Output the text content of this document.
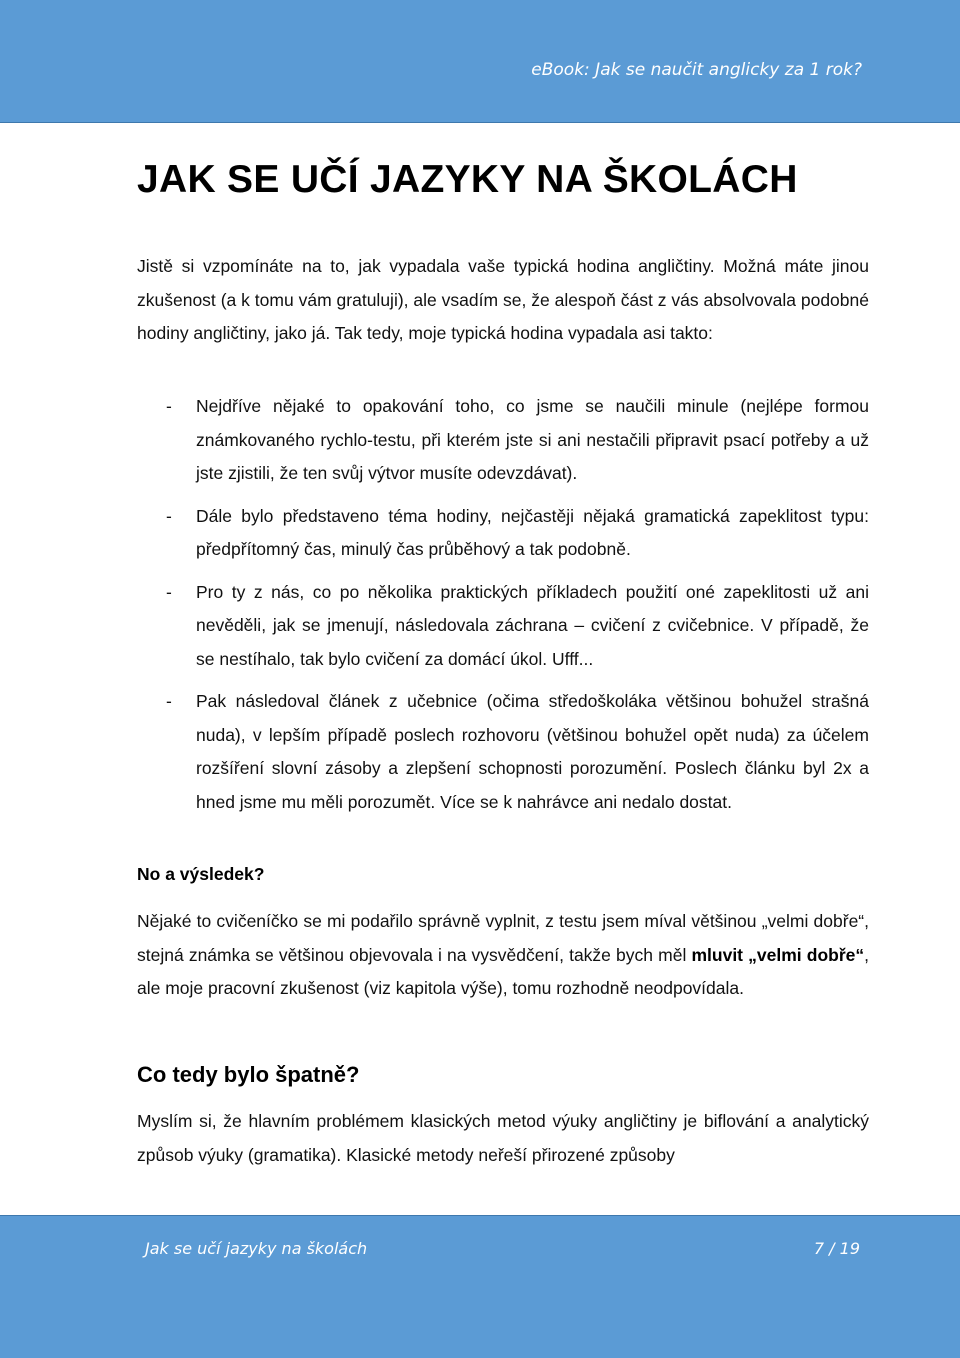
eBook: Jak se naučit anglicky za 1 rok?
JAK SE UČÍ JAZYKY NA ŠKOLÁCH

Jistě si vzpomínáte na to, jak vypadala vaše typická hodina angličtiny. Možná máte jinou zkušenost (a k tomu vám gratuluji), ale vsadím se, že alespoň část z vás absolvovala podobné hodiny angličtiny, jako já. Tak tedy, moje typická hodina vypadala asi takto:

- Nejdříve nějaké to opakování toho, co jsme se naučili minule (nejlépe formou známkovaného rychlo-testu, při kterém jste si ani nestačili připravit psací potřeby a už jste zjistili, že ten svůj výtvor musíte odevzdávat).
- Dále bylo představeno téma hodiny, nejčastěji nějaká gramatická zapeklitost typu: předpřítomný čas, minulý čas průběhový a tak podobně.
- Pro ty z nás, co po několika praktických příkladech použití oné zapeklitosti už ani nevěděli, jak se jmenují, následovala záchrana – cvičení z cvičebnice. V případě, že se nestíhalo, tak bylo cvičení za domácí úkol. Ufff...
- Pak následoval článek z učebnice (očima středoškoláka většinou bohužel strašná nuda), v lepším případě poslech rozhovoru (většinou bohužel opět nuda) za účelem rozšíření slovní zásoby a zlepšení schopnosti porozumění. Poslech článku byl 2x a hned jsme mu měli porozumět. Více se k nahrávce ani nedalo dostat.

No a výsledek?

Nějaké to cvičeníčko se mi podařilo správně vyplnit, z testu jsem míval většinou „velmi dobře“, stejná známka se většinou objevovala i na vysvědčení, takže bych měl mluvit „velmi dobře“, ale moje pracovní zkušenost (viz kapitola výše), tomu rozhodně neodpovídala.

Co tedy bylo špatně?

Myslím si, že hlavním problémem klasických metod výuky angličtiny je biflování a analytický způsob výuky (gramatika). Klasické metody neřeší přirozené způsoby

Jak se učí jazyky na školách	7 / 19
